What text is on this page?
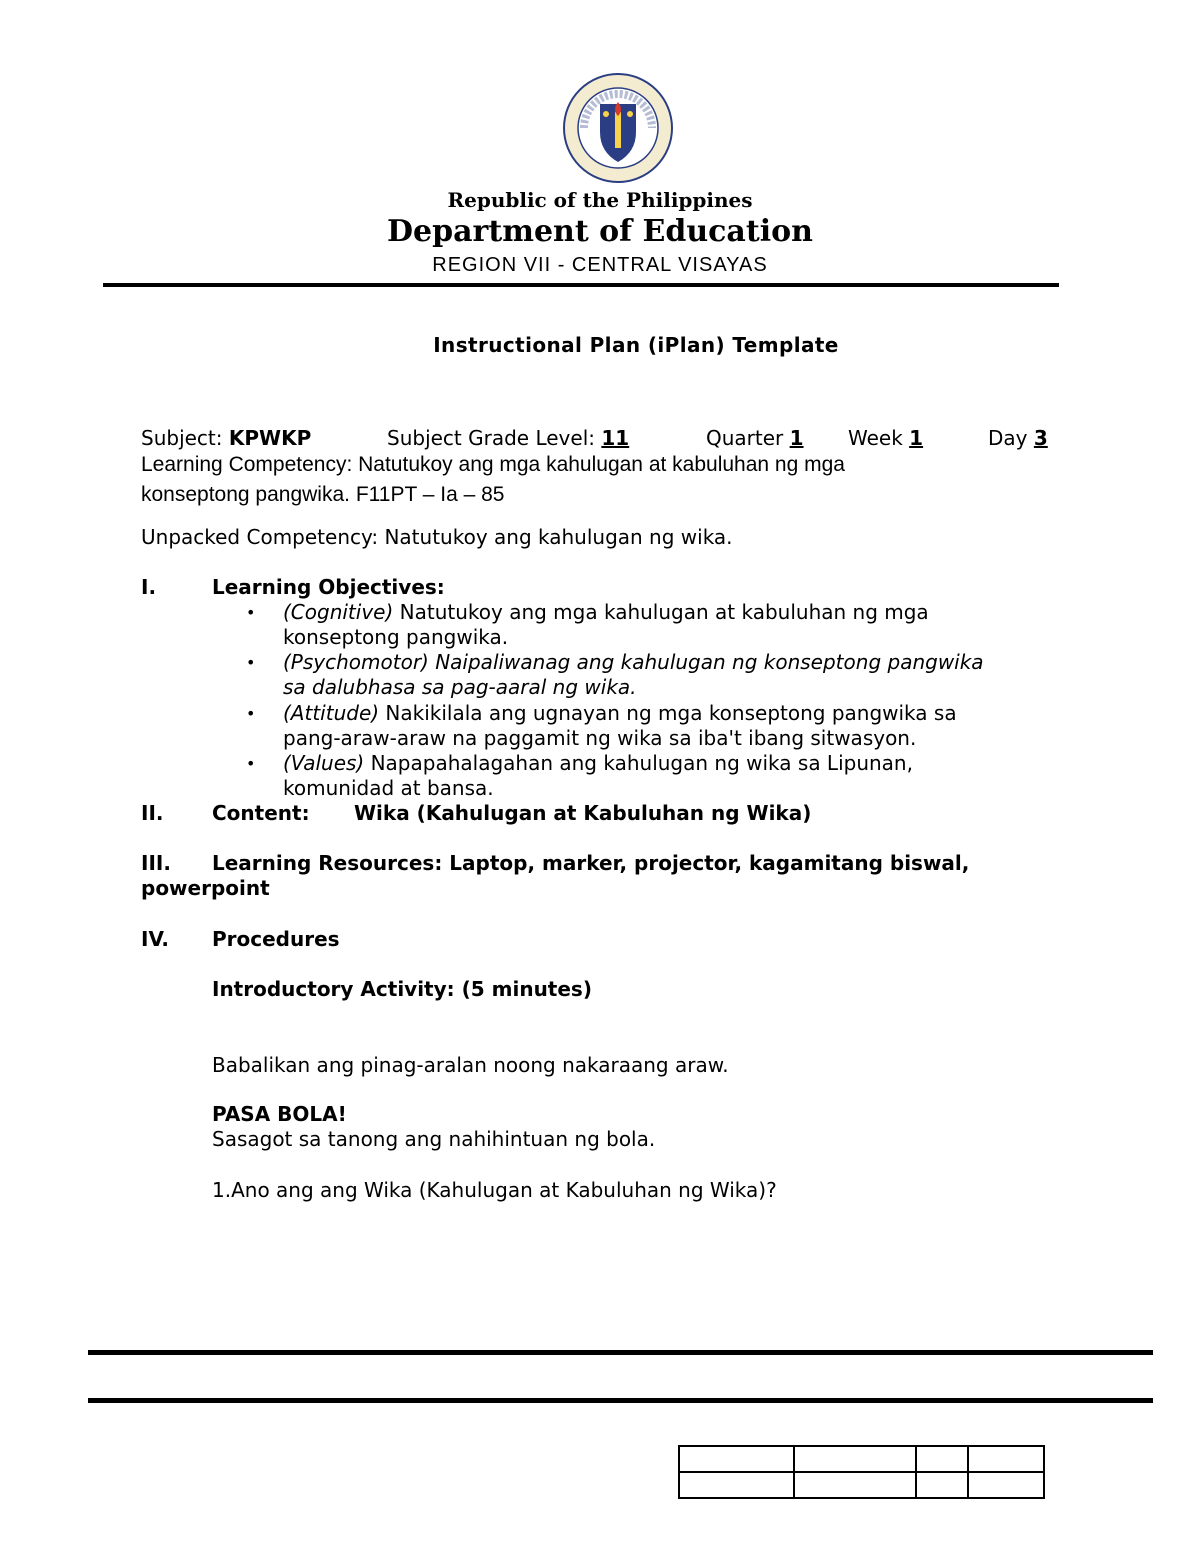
Republic of the Philippines
Department of Education
REGION VII - CENTRAL VISAYAS
Instructional Plan (iPlan) Template
Subject: KPWKP	Subject Grade Level: 11	Quarter 1 Week 1	Day 3
Learning Competency: Natutukoy ang mga kahulugan at kabuluhan ng mga
konseptong pangwika. F11PT – Ia – 85
Unpacked Competency: Natutukoy ang kahulugan ng wika.
I.	Learning Objectives:
• (Cognitive) Natutukoy ang mga kahulugan at kabuluhan ng mga
konseptong pangwika.
• (Psychomotor) Naipaliwanag ang kahulugan ng konseptong pangwika
sa dalubhasa sa pag-aaral ng wika.
• (Attitude) Nakikilala ang ugnayan ng mga konseptong pangwika sa
pang-araw-araw na paggamit ng wika sa iba't ibang sitwasyon.
• (Values) Napapahalagahan ang kahulugan ng wika sa Lipunan,
komunidad at bansa.
II. Content: Wika (Kahulugan at Kabuluhan ng Wika)
III. Learning Resources: Laptop, marker, projector, kagamitang biswal,
powerpoint
IV. Procedures
Introductory Activity: (5 minutes)
Babalikan ang pinag-aralan noong nakaraang araw.
PASA BOLA!
Sasagot sa tanong ang nahihintuan ng bola.
1.Ano ang ang Wika (Kahulugan at Kabuluhan ng Wika)?
